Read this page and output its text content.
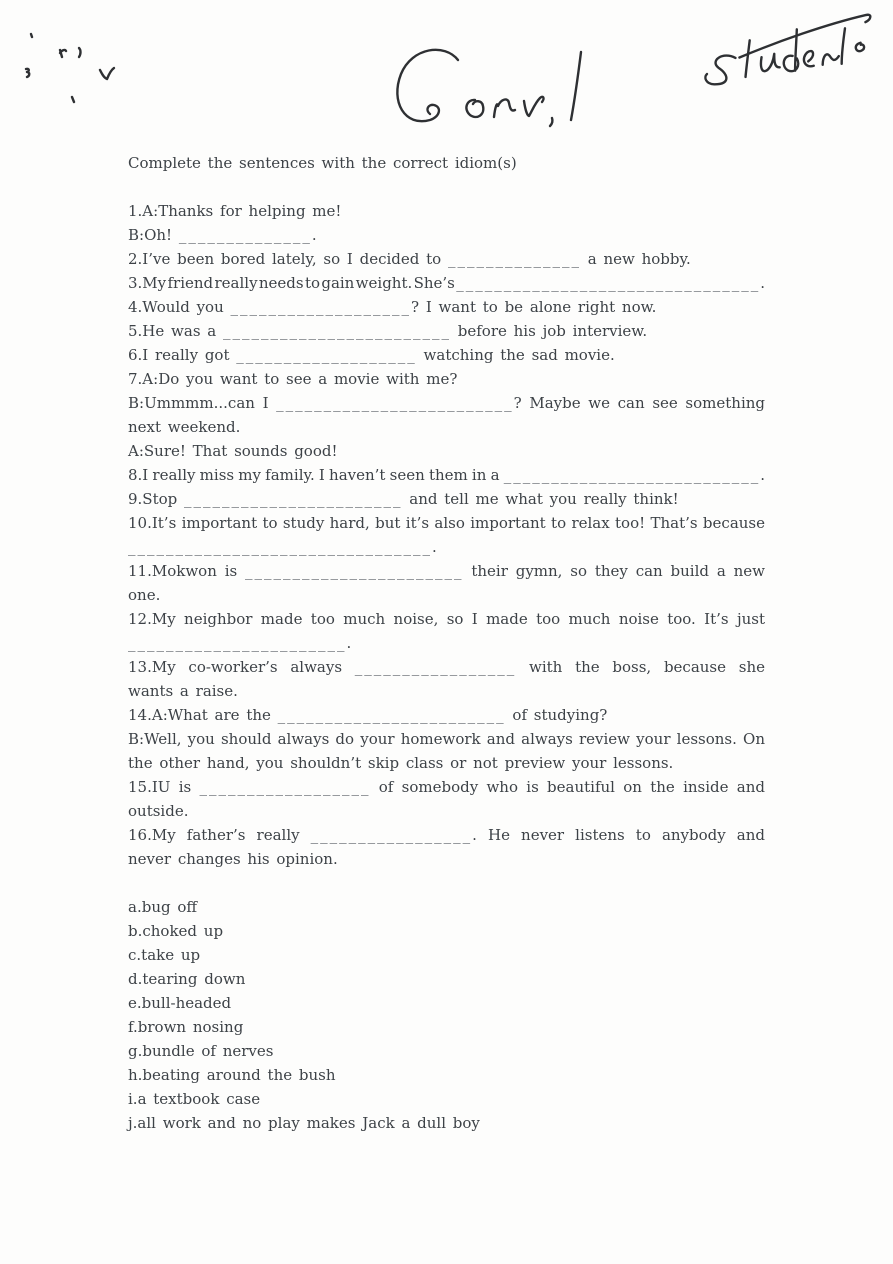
Complete the sentences with the correct idiom(s)
1.A:Thanks for helping me!
B:Oh! ______________.
2.I’ve been bored lately, so I decided to ______________ a new hobby.
3.My friend really needs to gain weight. She’s ________________________________.
4.Would you ___________________? I want to be alone right now.
5.He was a ________________________ before his job interview.
6.I really got ___________________ watching the sad movie.
7.A:Do you want to see a movie with me?
B:Ummmm...can I _________________________? Maybe we can see something
next weekend.
A:Sure! That sounds good!
8.I really miss my family. I haven’t seen them in a ___________________________.
9.Stop _______________________ and tell me what you really think!
10.It’s important to study hard, but it’s also important to relax too! That’s because
________________________________.
11.Mokwon is _______________________ their gymn, so they can build a new
one.
12.My neighbor made too much noise, so I made too much noise too. It’s just
_______________________.
13.My co-worker’s always _________________ with the boss, because she
wants a raise.
14.A:What are the ________________________ of studying?
B:Well, you should always do your homework and always review your lessons. On
the other hand, you shouldn’t skip class or not preview your lessons.
15.IU is __________________ of somebody who is beautiful on the inside and
outside.
16.My father’s really _________________. He never listens to anybody and
never changes his opinion.
a.bug off
b.choked up
c.take up
d.tearing down
e.bull-headed
f.brown nosing
g.bundle of nerves
h.beating around the bush
i.a textbook case
j.all work and no play makes Jack a dull boy
